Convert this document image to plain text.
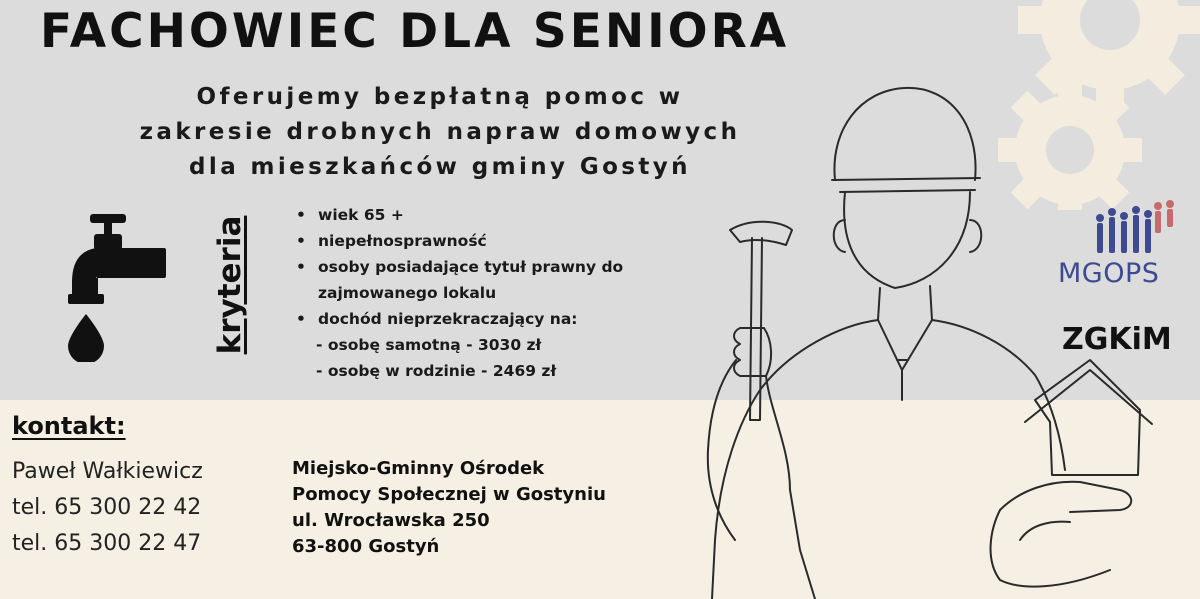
FACHOWIEC DLA SENIORA
Oferujemy bezpłatną pomoc w
zakresie drobnych napraw domowych
dla mieszkańców gminy Gostyń
kryteria
• wiek 65 +
• niepełnosprawność
• osoby posiadające tytuł prawny do
zajmowanego lokalu
• dochód nieprzekraczający na:
- osobę samotną - 3030 zł
- osobę w rodzinie - 2469 zł
MGOPS
ZGKiM
kontakt:
Paweł Wałkiewicz
tel. 65 300 22 42
tel. 65 300 22 47
Miejsko-Gminny Ośrodek
Pomocy Społecznej w Gostyniu
ul. Wrocławska 250
63-800 Gostyń
